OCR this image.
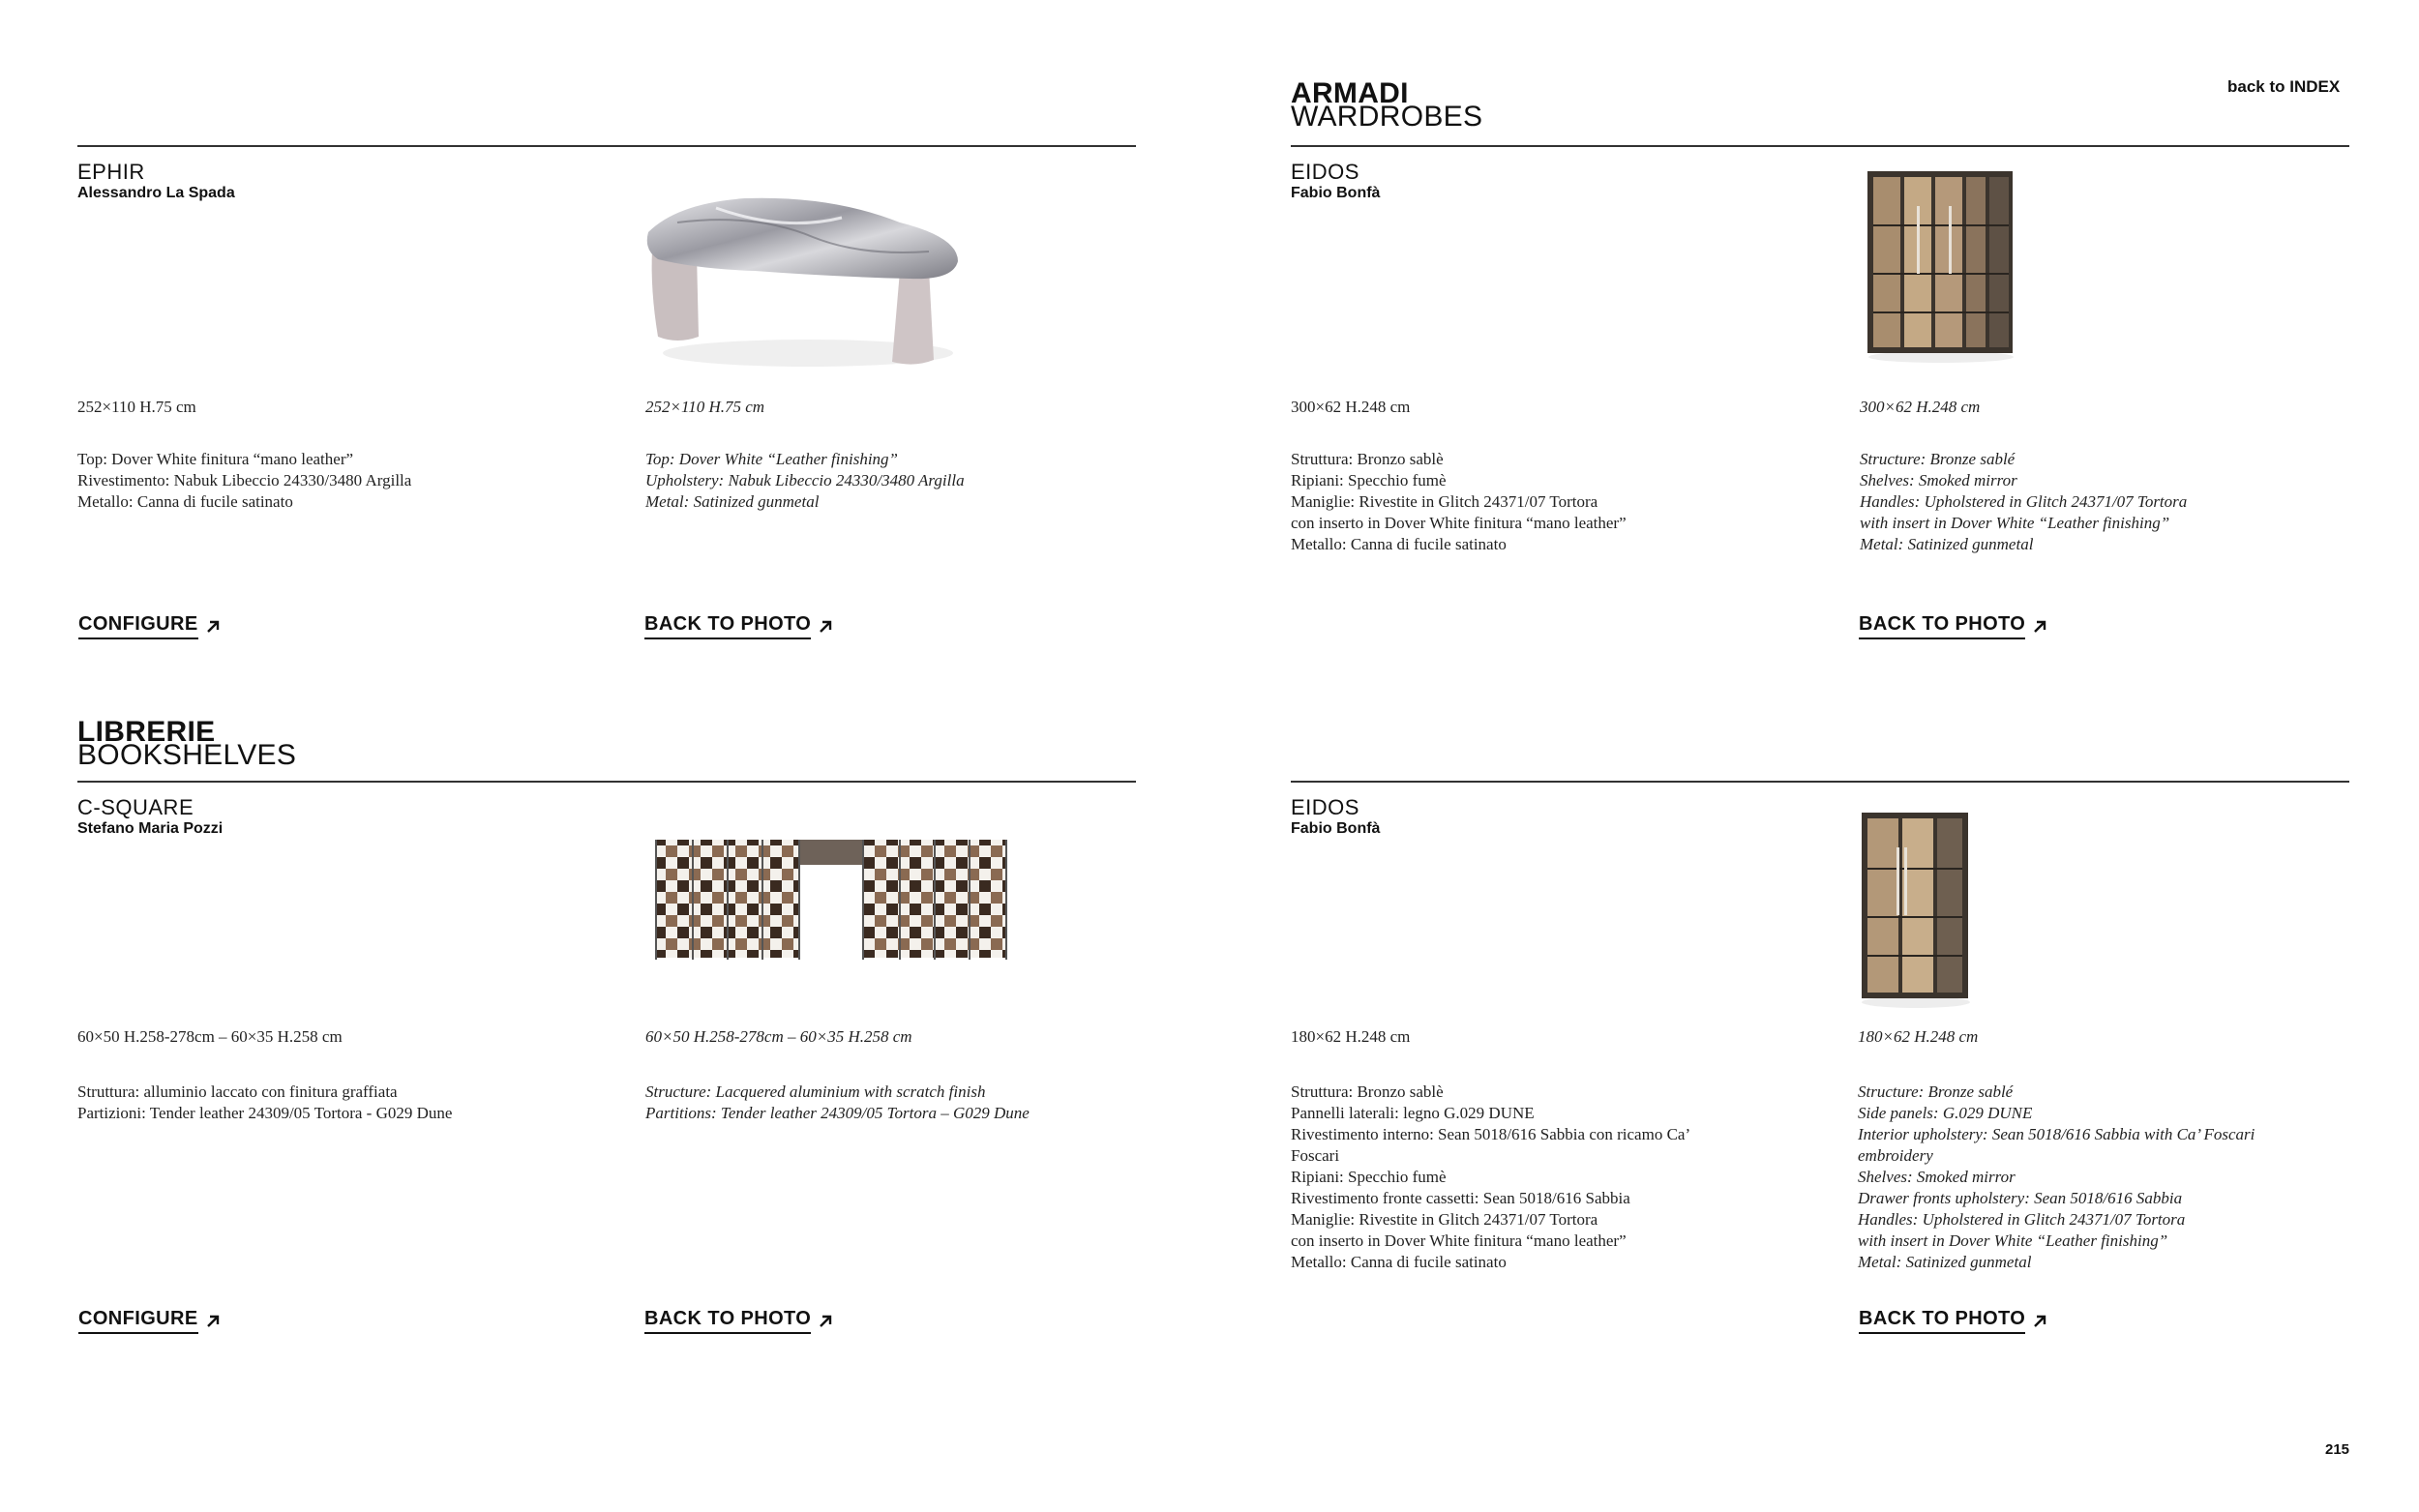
back to INDEX
ARMADI
WARDROBES
EPHIR
Alessandro La Spada
252×110 H.75 cm	252×110 H.75 cm
Top: Dover White finitura “mano leather”
Rivestimento: Nabuk Libeccio 24330/3480 Argilla
Metallo: Canna di fucile satinato
Top: Dover White “Leather finishing”
Upholstery: Nabuk Libeccio 24330/3480 Argilla
Metal: Satinized gunmetal
CONFIGURE	BACK TO PHOTO
EIDOS
Fabio Bonfà
300×62 H.248 cm	300×62 H.248 cm
Struttura: Bronzo sablè
Ripiani: Specchio fumè
Maniglie: Rivestite in Glitch 24371/07 Tortora
con inserto in Dover White finitura “mano leather”
Metallo: Canna di fucile satinato
Structure: Bronze sablé
Shelves: Smoked mirror
Handles: Upholstered in Glitch 24371/07 Tortora
with insert in Dover White “Leather finishing”
Metal: Satinized gunmetal
BACK TO PHOTO
LIBRERIE
BOOKSHELVES
C-SQUARE
Stefano Maria Pozzi
60×50 H.258-278cm – 60×35 H.258 cm	60×50 H.258-278cm – 60×35 H.258 cm
Struttura: alluminio laccato con finitura graffiata
Partizioni: Tender leather 24309/05 Tortora - G029 Dune
Structure: Lacquered aluminium with scratch finish
Partitions: Tender leather 24309/05 Tortora – G029 Dune
CONFIGURE	BACK TO PHOTO
EIDOS
Fabio Bonfà
180×62 H.248 cm	180×62 H.248 cm
Struttura: Bronzo sablè
Pannelli laterali: legno G.029 DUNE
Rivestimento interno: Sean 5018/616 Sabbia con ricamo Ca’
Foscari
Ripiani: Specchio fumè
Rivestimento fronte cassetti: Sean 5018/616 Sabbia
Maniglie: Rivestite in Glitch 24371/07 Tortora
con inserto in Dover White finitura “mano leather”
Metallo: Canna di fucile satinato
Structure: Bronze sablé
Side panels: G.029 DUNE
Interior upholstery: Sean 5018/616 Sabbia with Ca’ Foscari
embroidery
Shelves: Smoked mirror
Drawer fronts upholstery: Sean 5018/616 Sabbia
Handles: Upholstered in Glitch 24371/07 Tortora
with insert in Dover White “Leather finishing”
Metal: Satinized gunmetal
BACK TO PHOTO
215
